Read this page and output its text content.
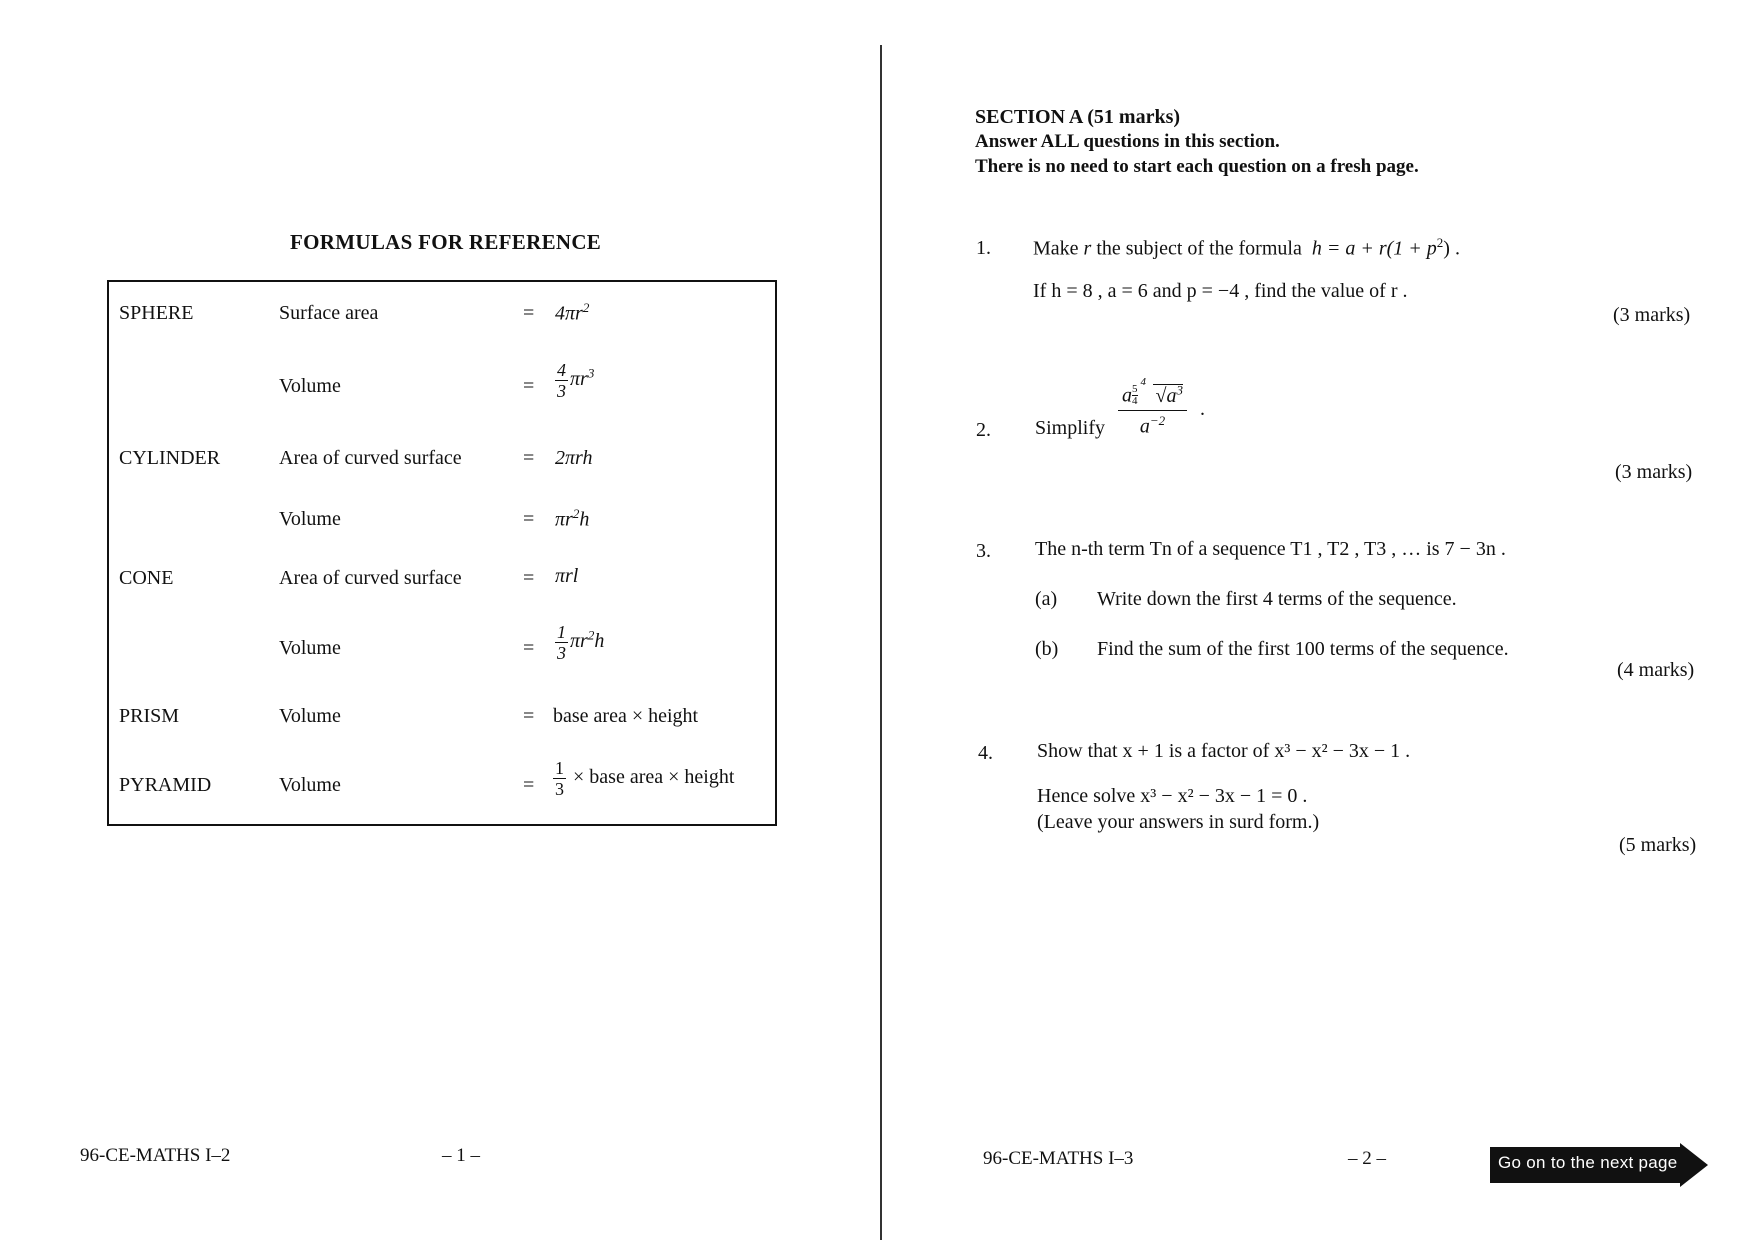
FORMULAS FOR REFERENCE
SPHERE	Surface area	= $4\pi r^2$
Volume	= $\frac{4}{3} \pi r^3$
CYLINDER	Area of curved surface	= 2πrh
Volume	= $\pi r^2h$
CONE	Area of curved surface	= πrl
Volume	= $\frac{1}{3} \pi r^2h$
PRISM	Volume	= base area × height
PYRAMID	Volume	= $\frac{1}{3}$ × base area × height
96-CE-MATHS I–2	– 1 –
SECTION A (51 marks)
Answer ALL questions in this section.
There is no need to start each question on a fresh page.
1. Make r the subject of the formula  $h = a + r(1 + p^2)$ .
If h = 8 , a = 6 and p = −4 , find the value of r .
(3 marks)
2. Simplify a $\frac{5}{4}$

4
$√a^3$
$a^{-2}$ .
(3 marks)
3. The n-th term Tn of a sequence T1 , T2 , T3 , … is 7 − 3n .
(a) Write down the first 4 terms of the sequence.
(b) Find the sum of the first 100 terms of the sequence.
(4 marks)
4. Show that x + 1 is a factor of x³ − x² − 3x − 1 .
Hence solve x³ − x² − 3x − 1 = 0 .
(Leave your answers in surd form.)
(5 marks)
96-CE-MATHS I–3	– 2 –	Go on to the next page
